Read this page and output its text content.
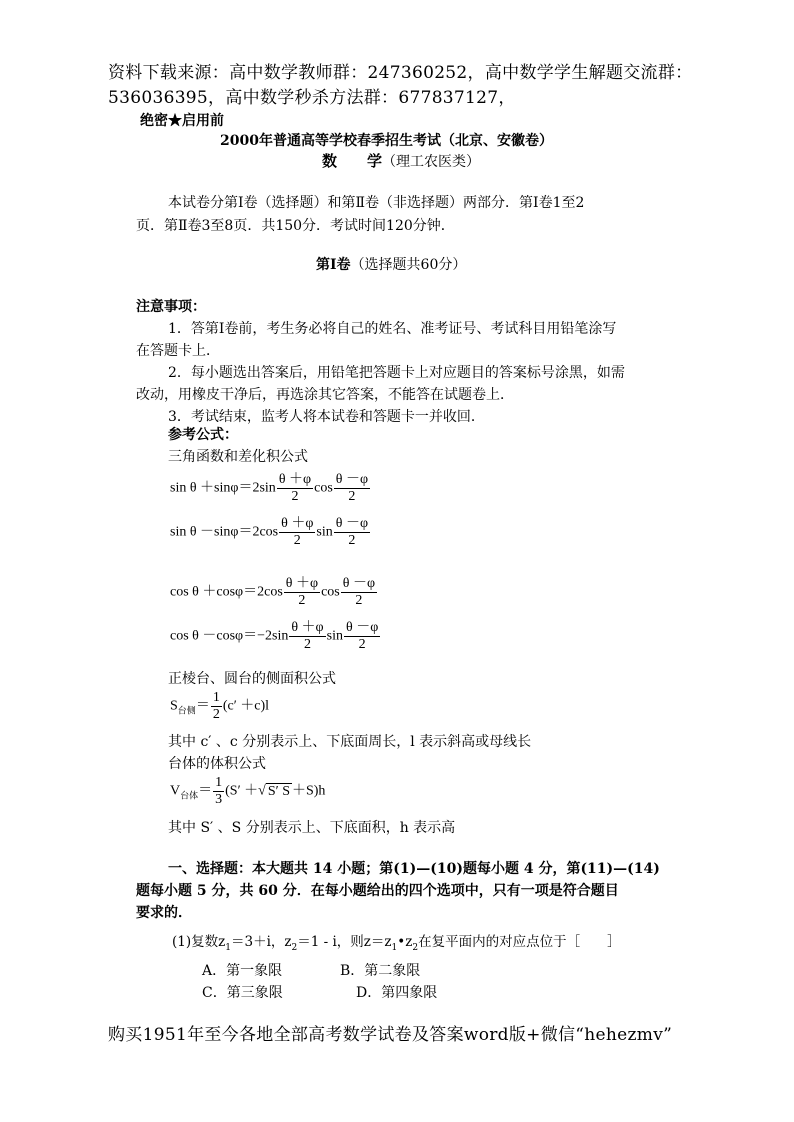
资料下载来源：高中数学教师群：247360252，高中数学学生解题交流群：
536036395，高中数学秒杀方法群：677837127，
绝密★启用前
2000年普通高等学校春季招生考试（北京、安徽卷）
数　　学（理工农医类）
本试卷分第Ⅰ卷（选择题）和第Ⅱ卷（非选择题）两部分．第Ⅰ卷1至2
页．第Ⅱ卷3至8页．共150分．考试时间120分钟．
第Ⅰ卷（选择题共60分）
注意事项：
1．答第Ⅰ卷前，考生务必将自己的姓名、准考证号、考试科目用铅笔涂写
在答题卡上．
2．每小题选出答案后，用铅笔把答题卡上对应题目的答案标号涂黑，如需
改动，用橡皮干净后，再选涂其它答案，不能答在试题卷上．
3．考试结束，监考人将本试卷和答题卡一并收回．
参考公式：
三角函数和差化积公式
$\sin \theta +\sin\varphi=2\sin \frac{\theta +\varphi}{2}$ $\cos \frac{\theta -\varphi}{2}$
$\sin \theta -\sin\varphi=2\cos \frac{\theta +\varphi}{2}$ $\sin \frac{\theta -\varphi}{2}$
$\cos \theta +\cos\varphi=2\cos \frac{\theta +\varphi}{2}$ $\cos \frac{\theta -\varphi}{2}$
$\cos \theta -\cos\varphi=-2\sin \frac{\theta +\varphi}{2}$ $\sin \frac{\theta -\varphi}{2}$
正棱台、圆台的侧面积公式
$S_{台侧}= \frac{1}{2} (c' +c)l$
其中 c′ 、c 分别表示上、下底面周长，l 表示斜高或母线长
台体的体积公式
$V_{台体}= \frac{1}{3} (S'$ ＋√ S′ S ＋S)h
其中 S′ 、S 分别表示上、下底面积，h 表示高
一、选择题：本大题共 14 小题；第(1)—(10)题每小题 4 分，第(11)—(14)
题每小题 5 分，共 60 分．在每小题给出的四个选项中，只有一项是符合题目
要求的．
(1)复数$z_1=3+i$，$z_2=1 - i$，则$z=z_1•z_2$在复平面内的对应点位于［　　］
A．第一象限	B．第二象限
C．第三象限	D．第四象限
购买1951年至今各地全部高考数学试卷及答案word版+微信“hehezmv”
